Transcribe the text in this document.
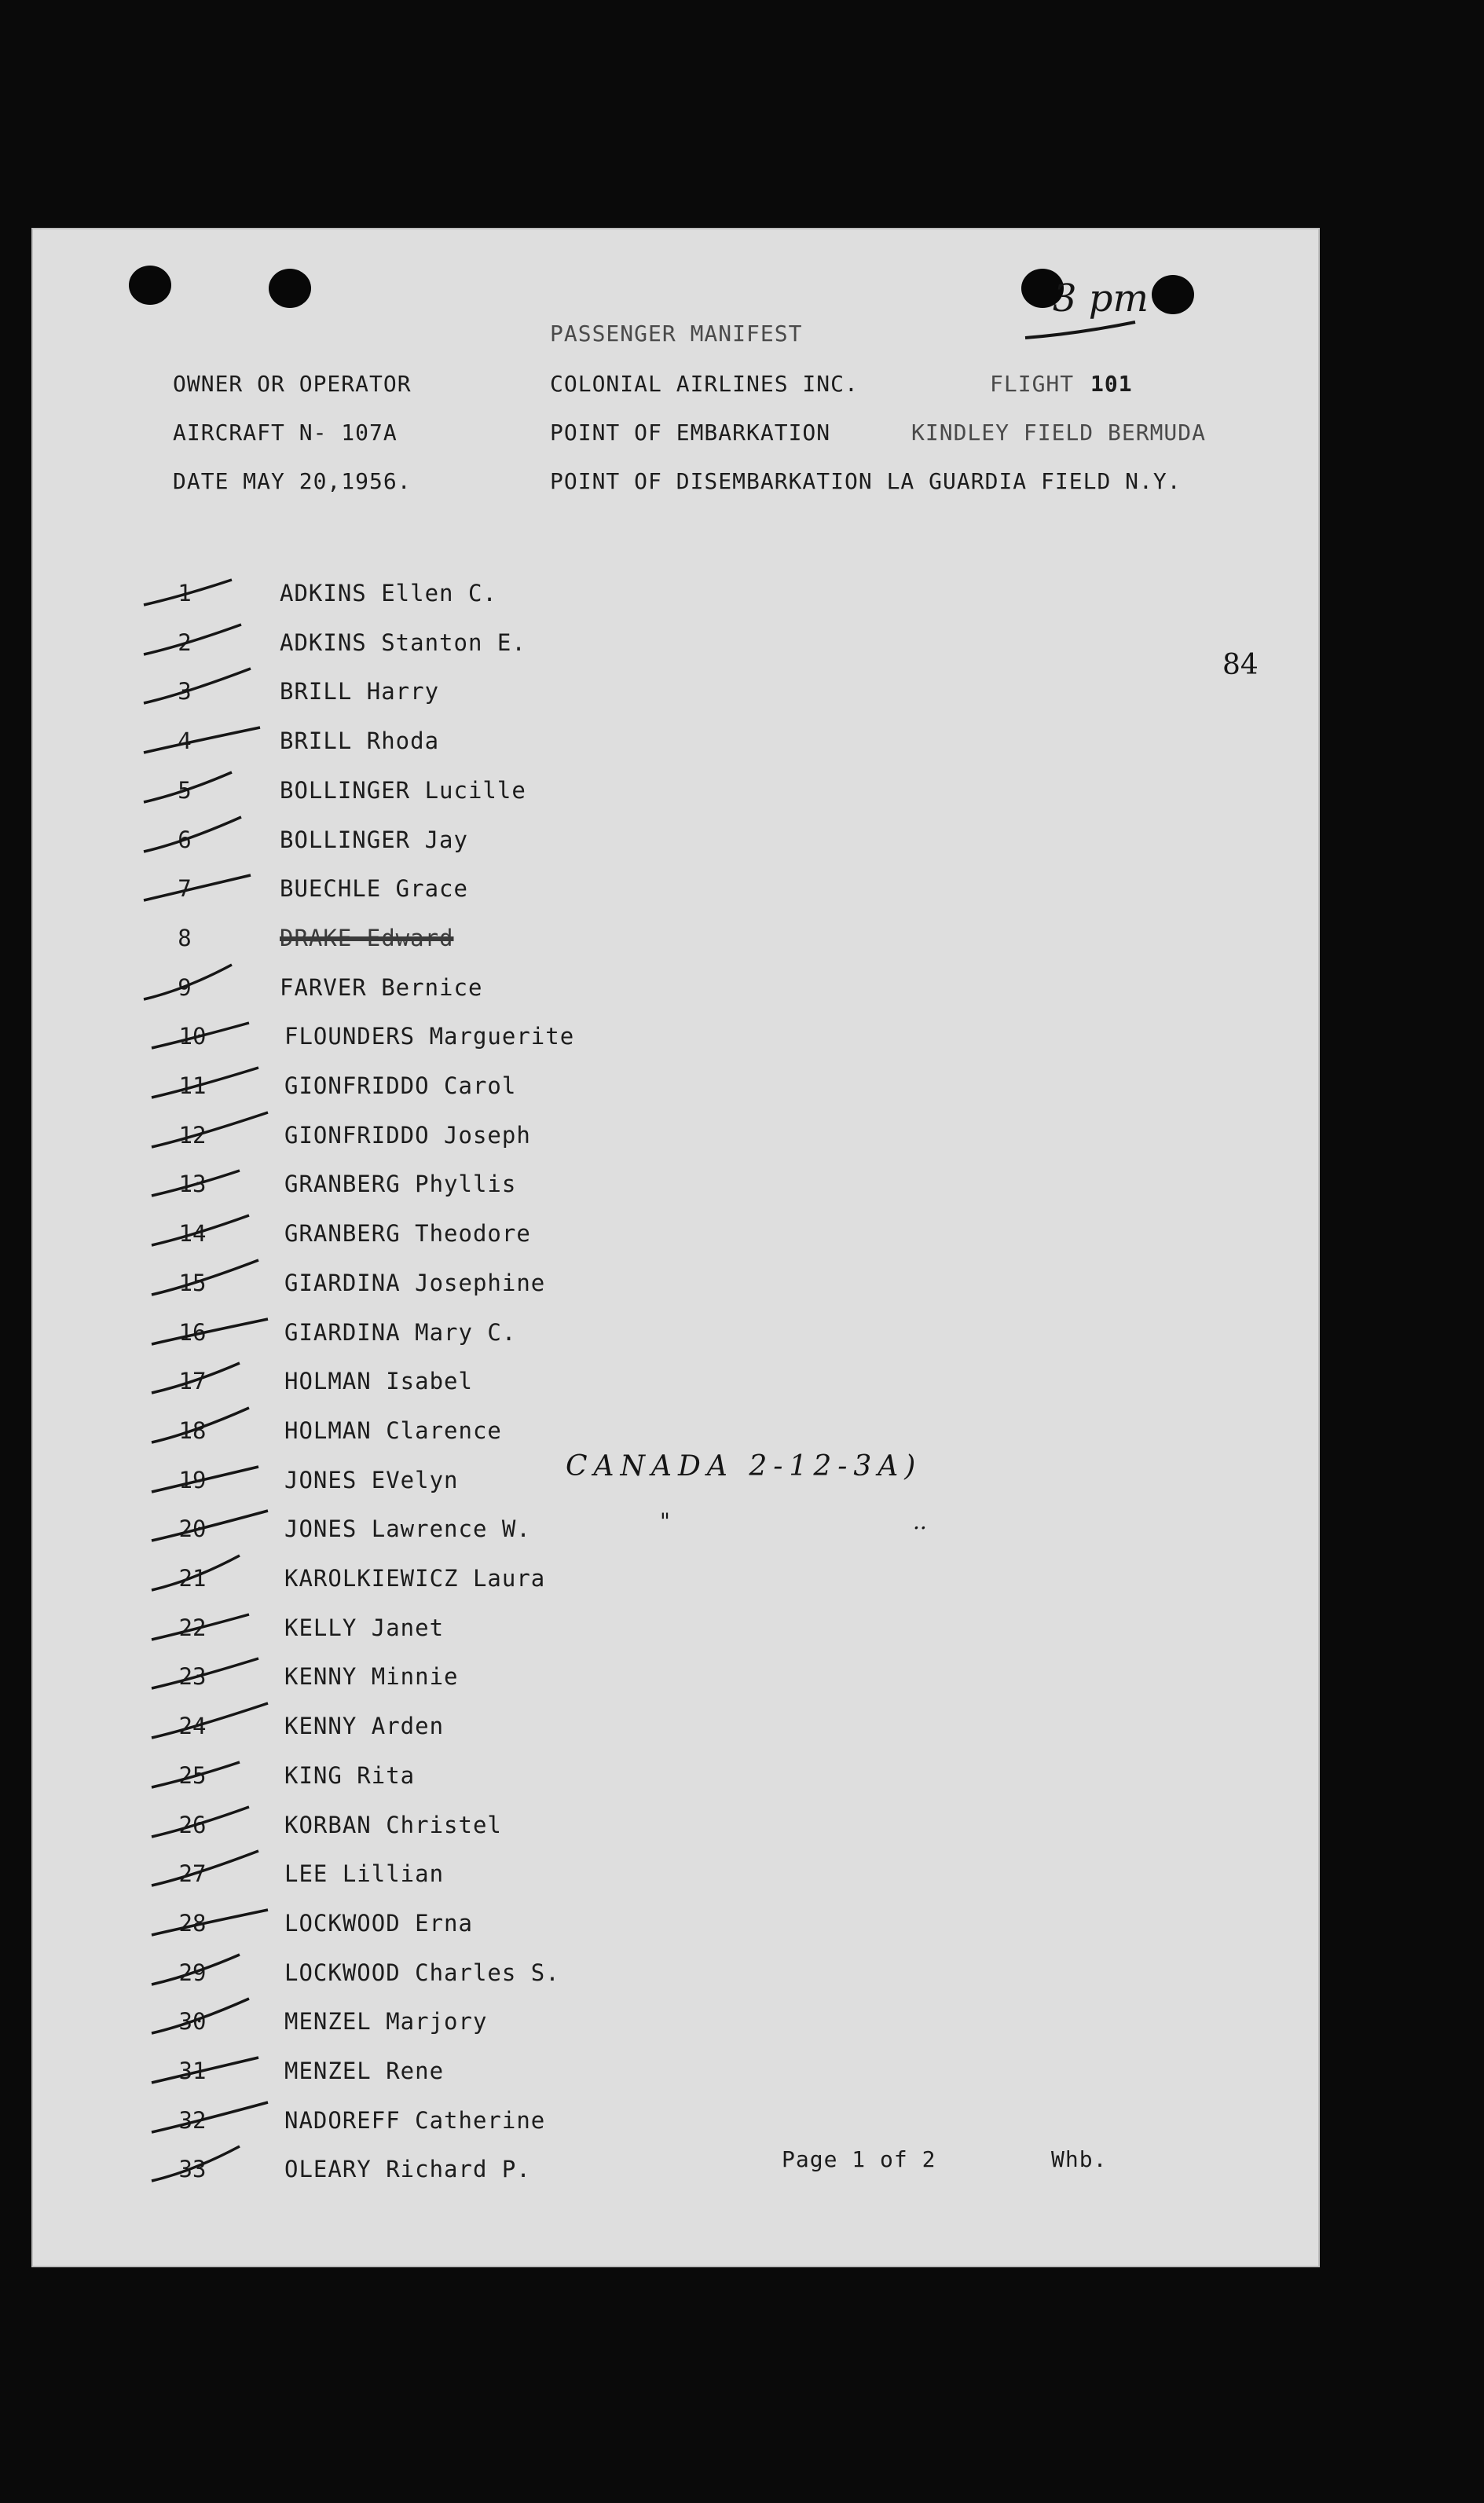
3 pm
PASSENGER MANIFEST
OWNER OR OPERATOR	COLONIAL AIRLINES INC.	FLIGHT 101
AIRCRAFT N- 107A	POINT OF EMBARKATION	KINDLEY FIELD BERMUDA
DATE MAY 20,1956.	POINT OF DISEMBARKATION LA GUARDIA FIELD N.Y.
84
1	ADKINS Ellen C.
2	ADKINS Stanton E.
3	BRILL Harry
4	BRILL Rhoda
5	BOLLINGER Lucille
6	BOLLINGER Jay
7	BUECHLE Grace
8	DRAKE Edward
9	FARVER Bernice
10	FLOUNDERS Marguerite
11	GIONFRIDDO Carol
12	GIONFRIDDO Joseph
13	GRANBERG Phyllis
14	GRANBERG Theodore
15	GIARDINA Josephine
16	GIARDINA Mary C.
17	HOLMAN Isabel
18	HOLMAN Clarence
19	JONES EVelyn
20	JONES Lawrence W.
21	KAROLKIEWICZ Laura
22	KELLY Janet
23	KENNY Minnie
24	KENNY Arden
25	KING Rita
26	KORBAN Christel
27	LEE Lillian
28	LOCKWOOD Erna
29	LOCKWOOD Charles S.
30	MENZEL Marjory
31	MENZEL Rene
32	NADOREFF Catherine
33	OLEARY Richard P.
CANADA 2-12-3A)
"	..
Page 1 of 2	Whb.
